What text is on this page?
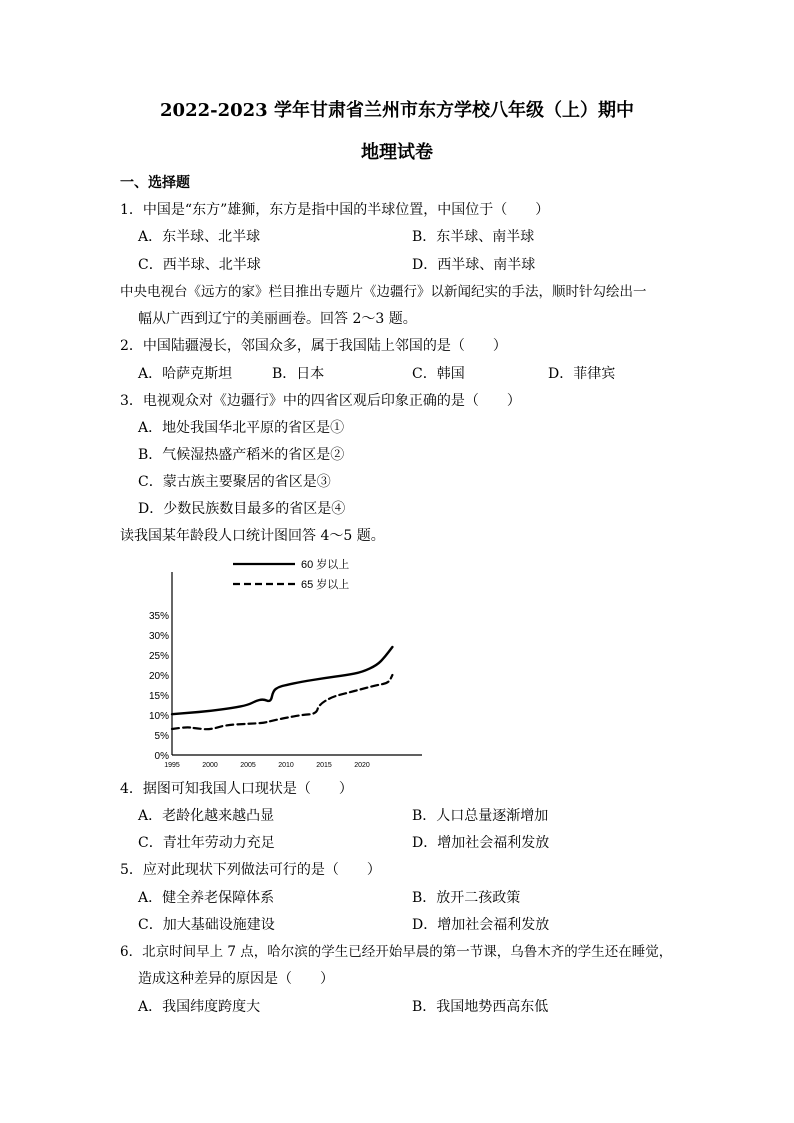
2022-2023 学年甘肃省兰州市东方学校八年级（上）期中
地理试卷
一、选择题
1．中国是“东方”雄狮，东方是指中国的半球位置，中国位于（　　）
A．东半球、北半球	B．东半球、南半球
C．西半球、北半球	D．西半球、南半球
中央电视台《远方的家》栏目推出专题片《边疆行》以新闻纪实的手法，顺时针勾绘出一
幅从广西到辽宁的美丽画卷。回答 2～3 题。
2．中国陆疆漫长，邻国众多，属于我国陆上邻国的是（　　）
A．哈萨克斯坦	B．日本	C．韩国	D．菲律宾
3．电视观众对《边疆行》中的四省区观后印象正确的是（　　）
A．地处我国华北平原的省区是①
B．气候湿热盛产稻米的省区是②
C．蒙古族主要聚居的省区是③
D．少数民族数目最多的省区是④
读我国某年龄段人口统计图回答 4～5 题。
0%
5%
10%
15%
20%
25%
30%
35%
1995	2000	2005	2010	2015	2020
60 岁以上
65 岁以上
4．据图可知我国人口现状是（　　）
A．老龄化越来越凸显	B．人口总量逐渐增加
C．青壮年劳动力充足	D．增加社会福利发放
5．应对此现状下列做法可行的是（　　）
A．健全养老保障体系	B．放开二孩政策
C．加大基础设施建设	D．增加社会福利发放
6．北京时间早上 7 点，哈尔滨的学生已经开始早晨的第一节课，乌鲁木齐的学生还在睡觉，
造成这种差异的原因是（　　）
A．我国纬度跨度大	B．我国地势西高东低
